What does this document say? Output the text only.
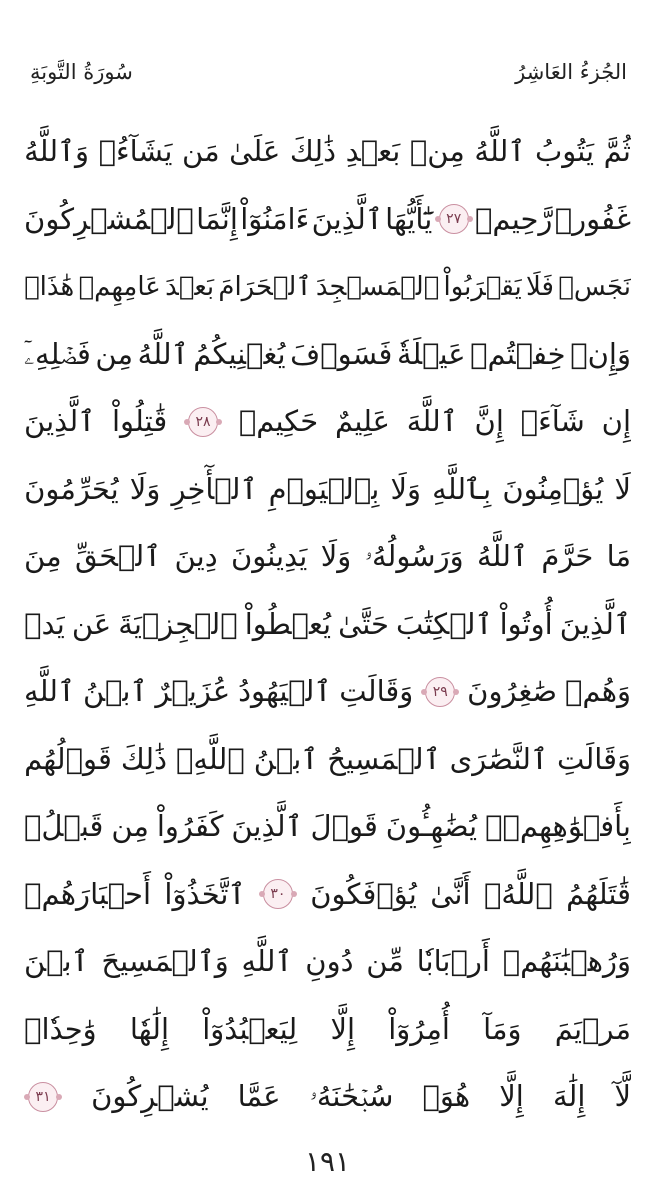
الجُزءُ العَاشِرُ
سُورَةُ التَّوبَةِ
ثُمَّ
يَتُوبُ
ٱللَّهُ
مِنۢ
بَعۡدِ
ذَٰلِكَ
عَلَىٰ
مَن
يَشَآءُۗ
وَٱللَّهُ
غَفُورٞ
رَّحِيمٞ
٢٧
يَٰٓأَيُّهَا
ٱلَّذِينَ
ءَامَنُوٓاْ
إِنَّمَا
ٱلۡمُشۡرِكُونَ
نَجَسٞ
فَلَا
يَقۡرَبُواْ
ٱلۡمَسۡجِدَ
ٱلۡحَرَامَ
بَعۡدَ
عَامِهِمۡ
هَٰذَاۚ
وَإِنۡ
خِفۡتُمۡ
عَيۡلَةٗ
فَسَوۡفَ
يُغۡنِيكُمُ
ٱللَّهُ
مِن
فَضۡلِهِۦٓ
إِن
شَآءَۚ
إِنَّ
ٱللَّهَ
عَلِيمٌ
حَكِيمٞ
٢٨
قَٰتِلُواْ
ٱلَّذِينَ
لَا
يُؤۡمِنُونَ
بِٱللَّهِ
وَلَا
بِٱلۡيَوۡمِ
ٱلۡأٓخِرِ
وَلَا
يُحَرِّمُونَ
مَا
حَرَّمَ
ٱللَّهُ
وَرَسُولُهُۥ
وَلَا
يَدِينُونَ
دِينَ
ٱلۡحَقِّ
مِنَ
ٱلَّذِينَ
أُوتُواْ
ٱلۡكِتَٰبَ
حَتَّىٰ
يُعۡطُواْ
ٱلۡجِزۡيَةَ
عَن
يَدٖ
وَهُمۡ
صَٰغِرُونَ
٢٩
وَقَالَتِ
ٱلۡيَهُودُ
عُزَيۡرٌ
ٱبۡنُ
ٱللَّهِ
وَقَالَتِ
ٱلنَّصَٰرَى
ٱلۡمَسِيحُ
ٱبۡنُ
ٱللَّهِۖ
ذَٰلِكَ
قَوۡلُهُم
بِأَفۡوَٰهِهِمۡۖ
يُضَٰهِـُٔونَ
قَوۡلَ
ٱلَّذِينَ
كَفَرُواْ
مِن
قَبۡلُۚ
قَٰتَلَهُمُ
ٱللَّهُۖ
أَنَّىٰ
يُؤۡفَكُونَ
٣٠
ٱتَّخَذُوٓاْ
أَحۡبَارَهُمۡ
وَرُهۡبَٰنَهُمۡ
أَرۡبَابٗا
مِّن
دُونِ
ٱللَّهِ
وَٱلۡمَسِيحَ
ٱبۡنَ
مَرۡيَمَ
وَمَآ
أُمِرُوٓاْ
إِلَّا
لِيَعۡبُدُوٓاْ
إِلَٰهٗا
وَٰحِدٗاۖ
لَّآ
إِلَٰهَ
إِلَّا
هُوَۚ
سُبۡحَٰنَهُۥ
عَمَّا
يُشۡرِكُونَ
٣١
١٩١
